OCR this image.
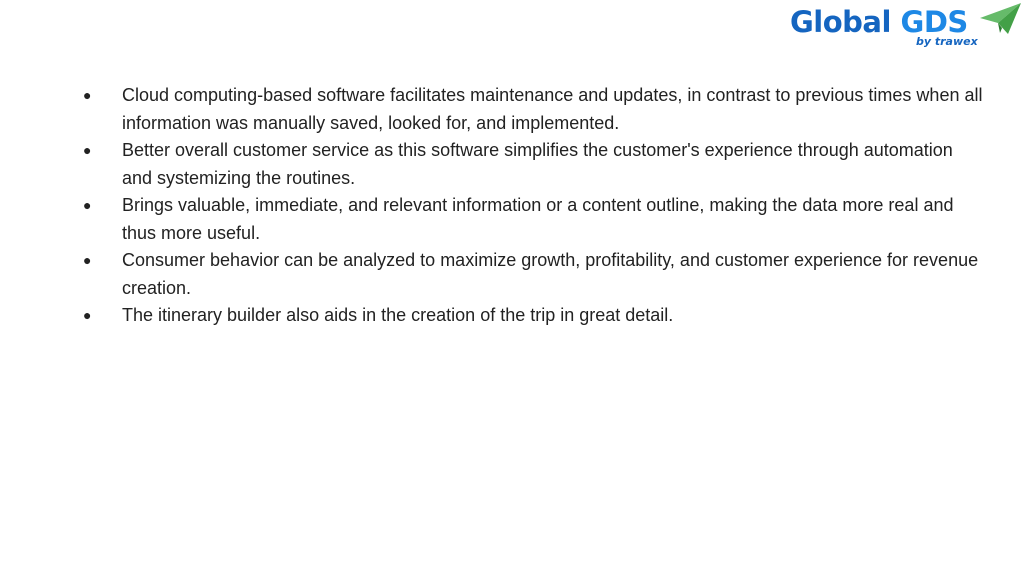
Global GDS
by trawex
●	Cloud computing-based software facilitates maintenance and updates, in contrast to previous times when all information was manually saved, looked for, and implemented.
●	Better overall customer service as this software simplifies the customer's experience through automation and systemizing the routines.
●	Brings valuable, immediate, and relevant information or a content outline, making the data more real and thus more useful.
●	Consumer behavior can be analyzed to maximize growth, profitability, and customer experience for revenue creation.
●	The itinerary builder also aids in the creation of the trip in great detail.
